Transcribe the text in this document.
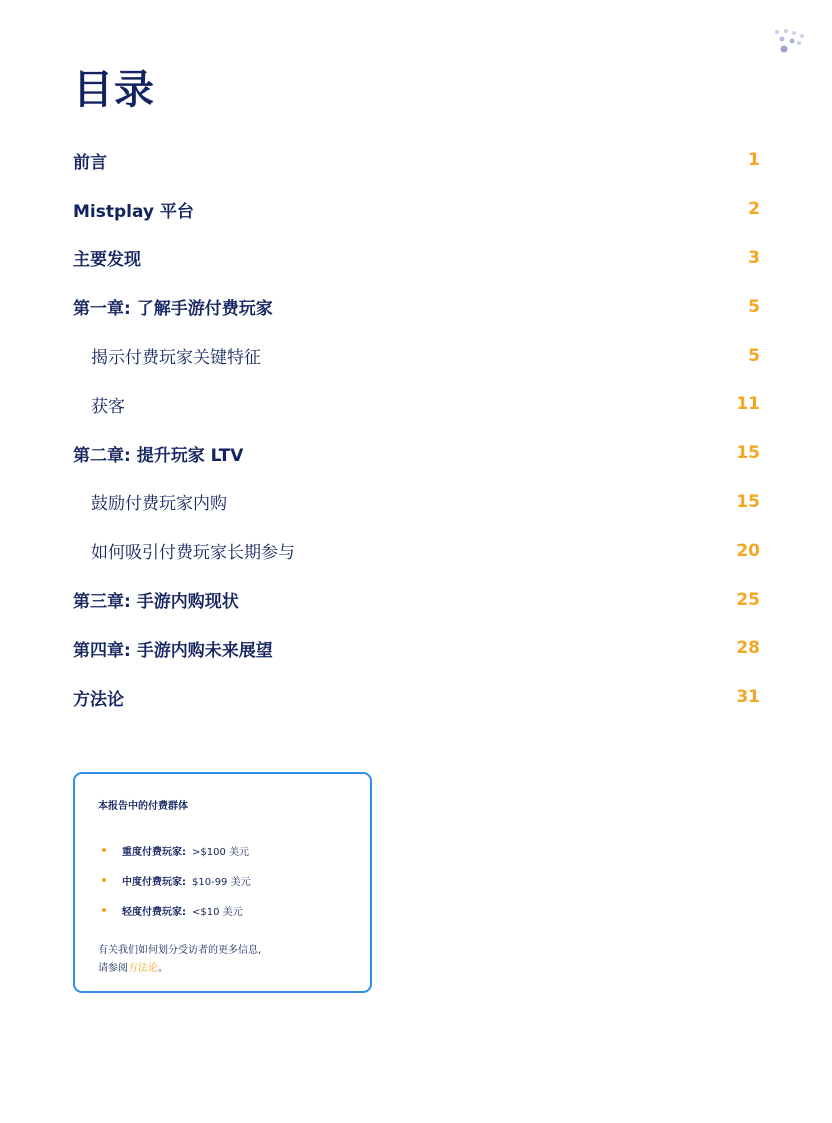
目录
前言	1
Mistplay 平台	2
主要发现	3
第一章: 了解手游付费玩家	5
揭示付费玩家关键特征	5
获客	11
第二章: 提升玩家 LTV	15
鼓励付费玩家内购	15
如何吸引付费玩家长期参与	20
第三章: 手游内购现状	25
第四章: 手游内购未来展望	28
方法论	31
本报告中的付费群体
重度付费玩家: >$100 美元
中度付费玩家: $10-99 美元
轻度付费玩家: <$10 美元
有关我们如何划分受访者的更多信息,
请参阅方法论。
